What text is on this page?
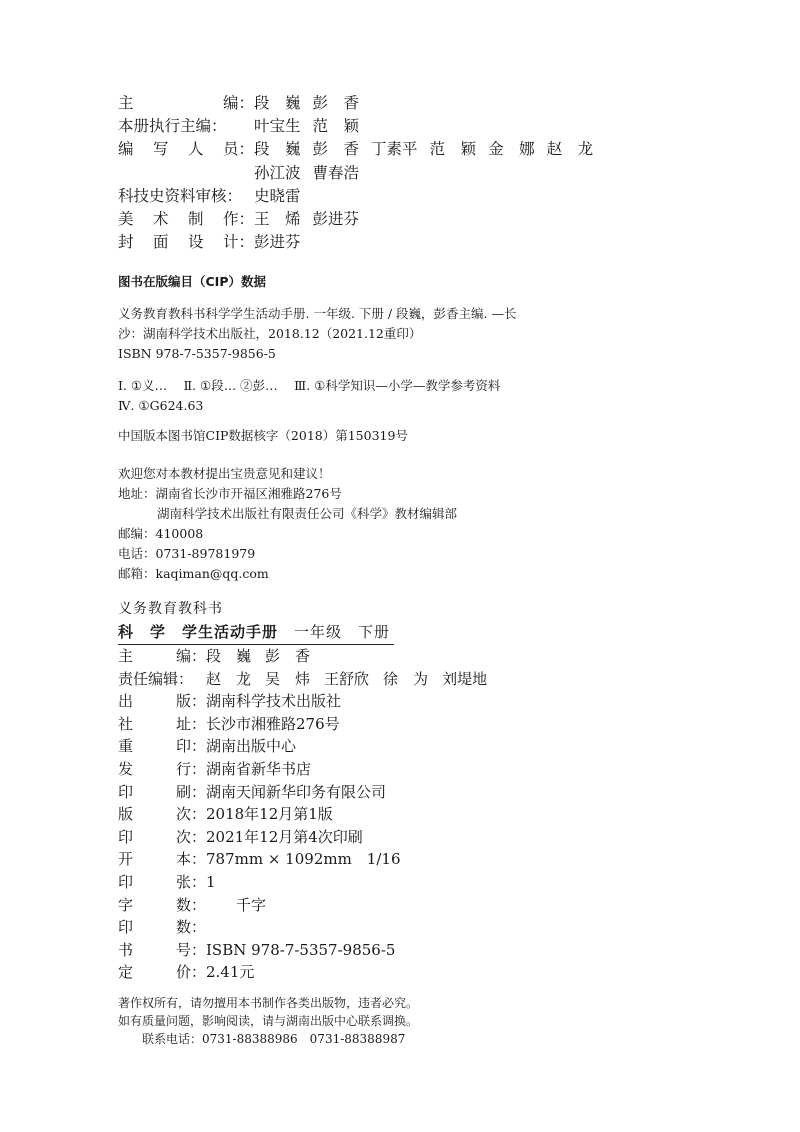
主	编： 段　巍 彭　香
本册执行主编： 叶宝生 范　颖
编 写 人 员： 段　巍 彭　香 丁素平 范　颖 金　娜 赵　龙
孙江波 曹春浩
科技史资料审核： 史晓雷
美 术 制 作： 王　烯 彭进芬
封 面 设 计： 彭进芬
图书在版编目（CIP）数据
义务教育教科书科学学生活动手册. 一年级. 下册 / 段巍，彭香主编. —长
沙：湖南科学技术出版社，2018.12（2021.12重印）
ISBN 978-7-5357-9856-5
Ⅰ. ①义…　 Ⅱ. ①段… ②彭…　 Ⅲ. ①科学知识—小学—教学参考资料
Ⅳ. ①G624.63
中国版本图书馆CIP数据核字（2018）第150319号
欢迎您对本教材提出宝贵意见和建议！
地址：湖南省长沙市开福区湘雅路276号
湖南科学技术出版社有限责任公司《科学》教材编辑部
邮编：410008
电话：0731-89781979
邮箱：kaqiman@qq.com
义务教育教科书
科　学 学生活动手册 一年级 下册
主	编： 段　巍 彭　香
责任编辑： 赵　龙 吴　炜 王舒欣 徐　为 刘堤地
出	版： 湖南科学技术出版社
社	址： 长沙市湘雅路276号
重	印： 湖南出版中心
发	行： 湖南省新华书店
印	刷： 湖南天闻新华印务有限公司
版	次： 2018年12月第1版
印	次： 2021年12月第4次印刷
开	本： 787mm × 1092mm　1/16
印	张： 1
字	数： 　　千字
印	数：
书	号： ISBN 978-7-5357-9856-5
定	价： 2.41元
著作权所有，请勿擅用本书制作各类出版物，违者必究。
如有质量问题，影响阅读，请与湖南出版中心联系调换。
　　联系电话：0731-88388986　0731-88388987
